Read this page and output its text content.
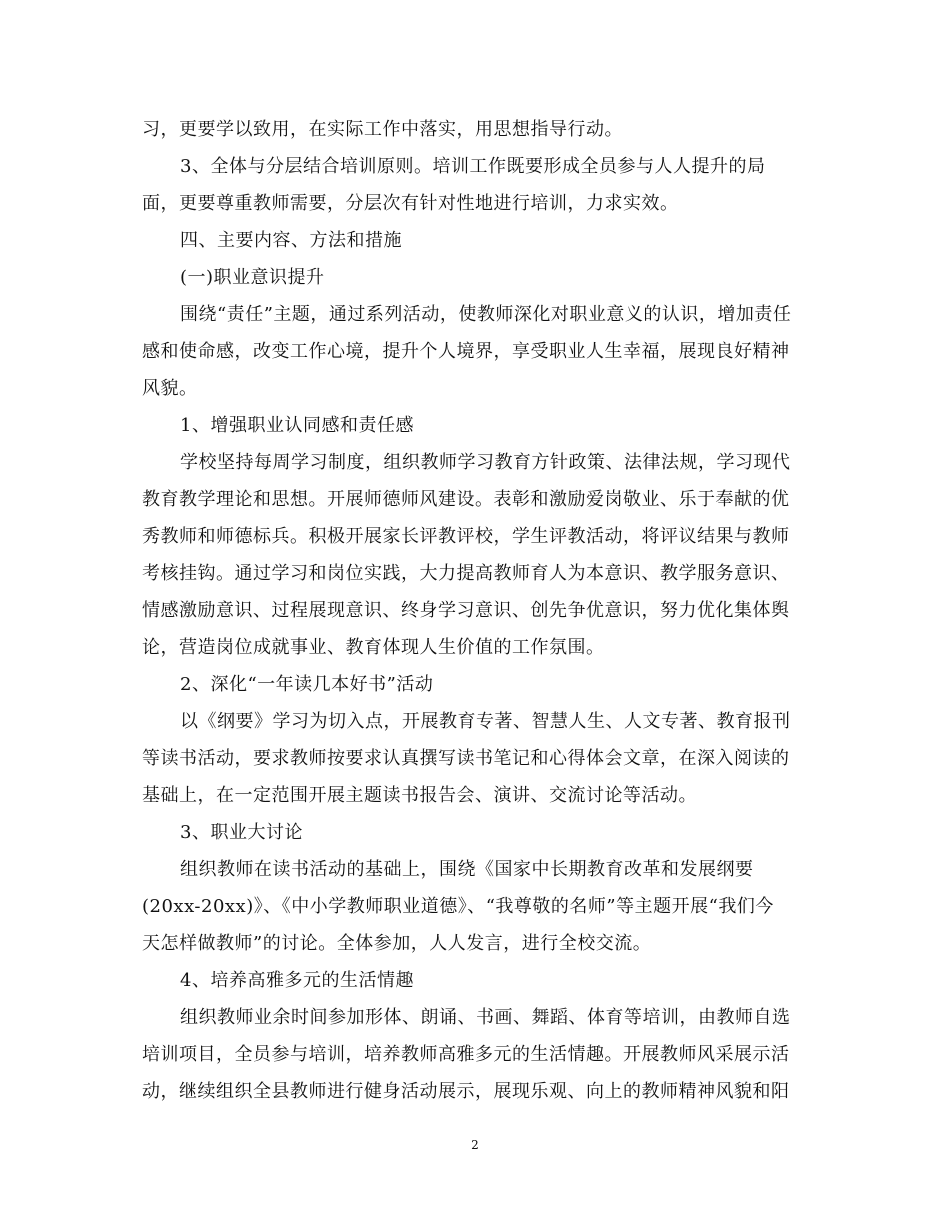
习，更要学以致用，在实际工作中落实，用思想指导行动。
3、全体与分层结合培训原则。培训工作既要形成全员参与人人提升的局
面，更要尊重教师需要，分层次有针对性地进行培训，力求实效。
四、主要内容、方法和措施
(一)职业意识提升
围绕“责任”主题，通过系列活动，使教师深化对职业意义的认识，增加责任
感和使命感，改变工作心境，提升个人境界，享受职业人生幸福，展现良好精神
风貌。
1、增强职业认同感和责任感
学校坚持每周学习制度，组织教师学习教育方针政策、法律法规，学习现代
教育教学理论和思想。开展师德师风建设。表彰和激励爱岗敬业、乐于奉献的优
秀教师和师德标兵。积极开展家长评教评校，学生评教活动，将评议结果与教师
考核挂钩。通过学习和岗位实践，大力提高教师育人为本意识、教学服务意识、
情感激励意识、过程展现意识、终身学习意识、创先争优意识，努力优化集体舆
论，营造岗位成就事业、教育体现人生价值的工作氛围。
2、深化“一年读几本好书”活动
以《纲要》学习为切入点，开展教育专著、智慧人生、人文专著、教育报刊
等读书活动，要求教师按要求认真撰写读书笔记和心得体会文章，在深入阅读的
基础上，在一定范围开展主题读书报告会、演讲、交流讨论等活动。
3、职业大讨论
组织教师在读书活动的基础上，围绕《国家中长期教育改革和发展纲要
(20xx-20xx)》、《中小学教师职业道德》、“我尊敬的名师”等主题开展“我们今
天怎样做教师”的讨论。全体参加，人人发言，进行全校交流。
4、培养高雅多元的生活情趣
组织教师业余时间参加形体、朗诵、书画、舞蹈、体育等培训，由教师自选
培训项目，全员参与培训，培养教师高雅多元的生活情趣。开展教师风采展示活
动，继续组织全县教师进行健身活动展示，展现乐观、向上的教师精神风貌和阳
2
